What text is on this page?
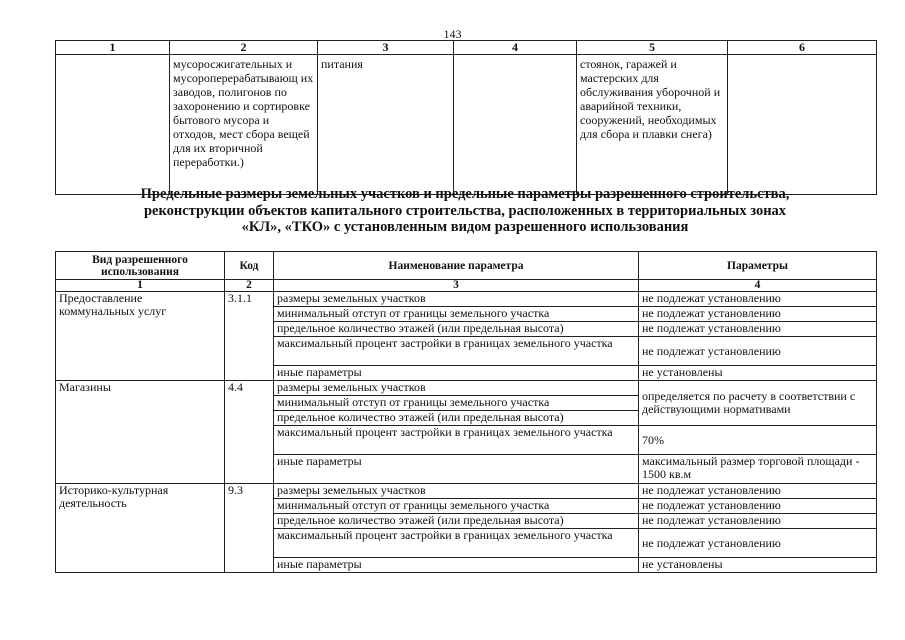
143
1	2	3	4	5	6
	мусоросжигательных и мусороперерабатывающ их заводов, полигонов по захоронению и сортировке бытового мусора и отходов, мест сбора вещей для их вторичной переработки.)	питания		стоянок, гаражей и мастерских для обслуживания уборочной и аварийной техники, сооружений, необходимых для сбора и плавки снега)	
Предельные размеры земельных участков и предельные параметры разрешенного строительства,
реконструкции объектов капитального строительства, расположенных в территориальных зонах
«КЛ», «ТКО» с установленным видом разрешенного использования
Вид разрешенного использования	Код	Наименование параметра	Параметры
1	2	3	4
Предоставление коммунальных услуг	3.1.1	размеры земельных участков	не подлежат установлению
		минимальный отступ от границы земельного участка	не подлежат установлению
		предельное количество этажей (или предельная высота)	не подлежат установлению
		максимальный процент застройки в границах земельного участка	не подлежат установлению
		иные параметры	не установлены
Магазины	4.4	размеры земельных участков	определяется по расчету в соответствии с действующими нормативами
		минимальный отступ от границы земельного участка	
		предельное количество этажей (или предельная высота)	
		максимальный процент застройки в границах земельного участка	70%
		иные параметры	максимальный размер торговой площади - 1500 кв.м
Историко-культурная деятельность	9.3	размеры земельных участков	не подлежат установлению
		минимальный отступ от границы земельного участка	не подлежат установлению
		предельное количество этажей (или предельная высота)	не подлежат установлению
		максимальный процент застройки в границах земельного участка	не подлежат установлению
		иные параметры	не установлены
